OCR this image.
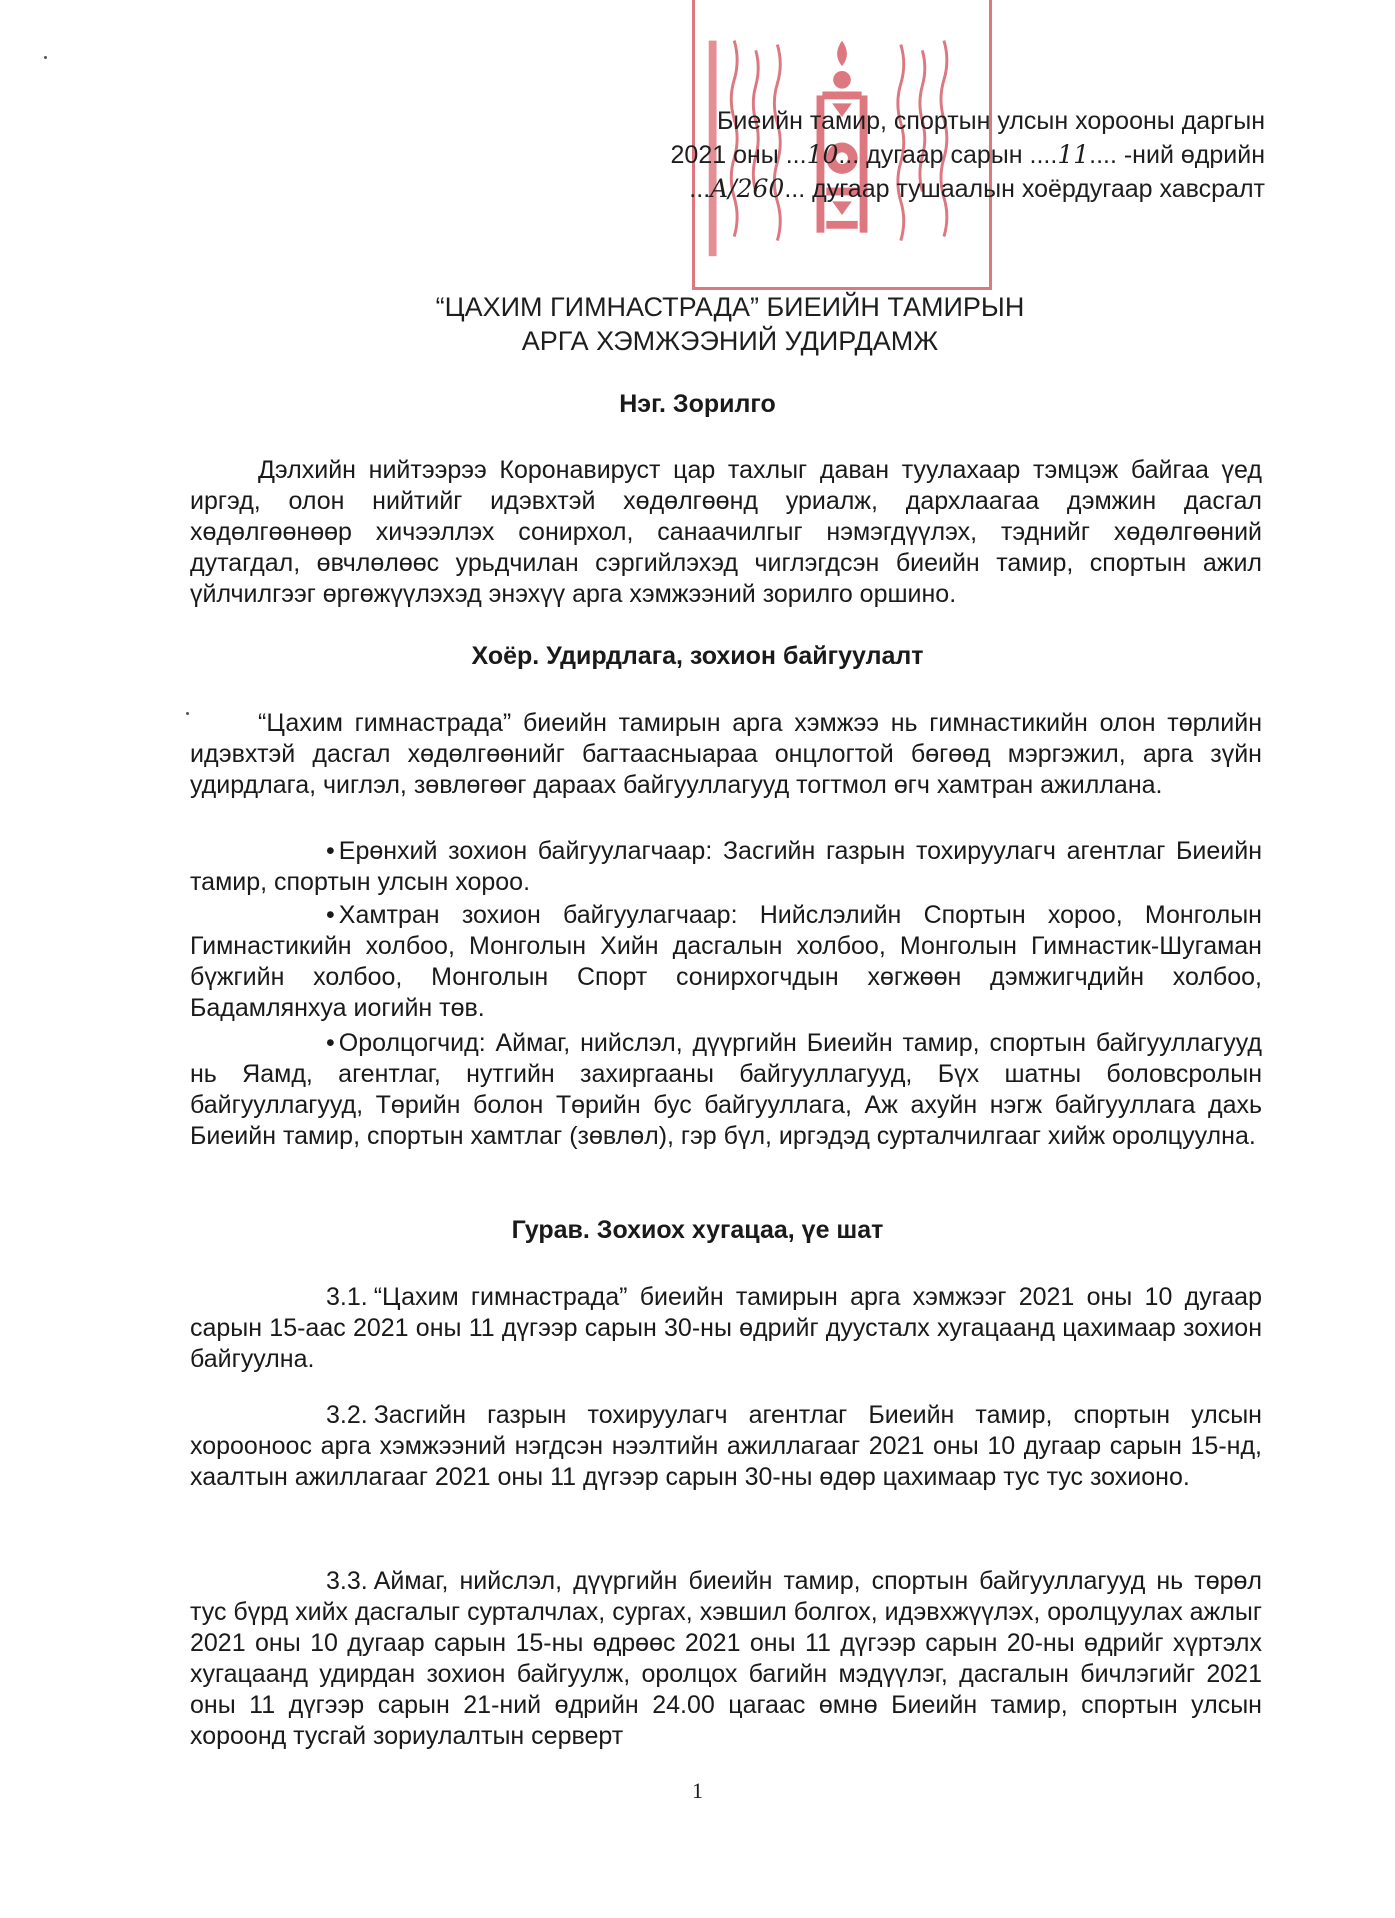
Биеийн тамир, спортын улсын хорооны даргын
2021 оны ...10... дугаар сарын ....11.... -ний өдрийн
...A/260... дугаар тушаалын хоёрдугаар хавсралт
“ЦАХИМ ГИМНАСТРАДА” БИЕИЙН ТАМИРЫН
АРГА ХЭМЖЭЭНИЙ УДИРДАМЖ
Нэг. Зорилго
Дэлхийн нийтээрээ Коронавируст цар тахлыг даван туулахаар тэмцэж байгаа үед иргэд, олон нийтийг идэвхтэй хөдөлгөөнд уриалж, дархлаагаа дэмжин дасгал хөдөлгөөнөөр хичээллэх сонирхол, санаачилгыг нэмэгдүүлэх, тэднийг хөдөлгөөний дутагдал, өвчлөлөөс урьдчилан сэргийлэхэд чиглэгдсэн биеийн тамир, спортын ажил үйлчилгээг өргөжүүлэхэд энэхүү арга хэмжээний зорилго оршино.
Хоёр. Удирдлага, зохион байгуулалт
“Цахим гимнастрада” биеийн тамирын арга хэмжээ нь гимнастикийн олон төрлийн идэвхтэй дасгал хөдөлгөөнийг багтаасныараа онцлогтой бөгөөд мэргэжил, арга зүйн удирдлага, чиглэл, зөвлөгөөг дараах байгууллагууд тогтмол өгч хамтран ажиллана.
• Ерөнхий зохион байгуулагчаар: Засгийн газрын тохируулагч агентлаг Биеийн тамир, спортын улсын хороо.
• Хамтран зохион байгуулагчаар: Нийслэлийн Спортын хороо, Монголын Гимнастикийн холбоо, Монголын Хийн дасгалын холбоо, Монголын Гимнастик-Шугаман бүжгийн холбоо, Монголын Спорт сонирхогчдын хөгжөөн дэмжигчдийн холбоо, Бадамлянхуа иогийн төв.
• Оролцогчид: Аймаг, нийслэл, дүүргийн Биеийн тамир, спортын байгууллагууд нь Яамд, агентлаг, нутгийн захиргааны байгууллагууд, Бүх шатны боловсролын байгууллагууд, Төрийн болон Төрийн бус байгууллага, Аж ахуйн нэгж байгууллага дахь Биеийн тамир, спортын хамтлаг (зөвлөл), гэр бүл, иргэдэд сурталчилгааг хийж оролцуулна.
Гурав. Зохиох хугацаа, үе шат
3.1. “Цахим гимнастрада” биеийн тамирын арга хэмжээг 2021 оны 10 дугаар сарын 15-аас 2021 оны 11 дүгээр сарын 30-ны өдрийг дуусталх хугацаанд цахимаар зохион байгуулна.
3.2. Засгийн газрын тохируулагч агентлаг Биеийн тамир, спортын улсын хорооноос арга хэмжээний нэгдсэн нээлтийн ажиллагааг 2021 оны 10 дугаар сарын 15-нд, хаалтын ажиллагааг 2021 оны 11 дүгээр сарын 30-ны өдөр цахимаар тус тус зохионо.
3.3. Аймаг, нийслэл, дүүргийн биеийн тамир, спортын байгууллагууд нь төрөл тус бүрд хийх дасгалыг сурталчлах, сургах, хэвшил болгох, идэвхжүүлэх, оролцуулах ажлыг 2021 оны 10 дугаар сарын 15-ны өдрөөс 2021 оны 11 дүгээр сарын 20-ны өдрийг хүртэлх хугацаанд удирдан зохион байгуулж, оролцох багийн мэдүүлэг, дасгалын бичлэгийг 2021 оны 11 дүгээр сарын 21-ний өдрийн 24.00 цагаас өмнө Биеийн тамир, спортын улсын хороонд тусгай зориулалтын серверт
1
